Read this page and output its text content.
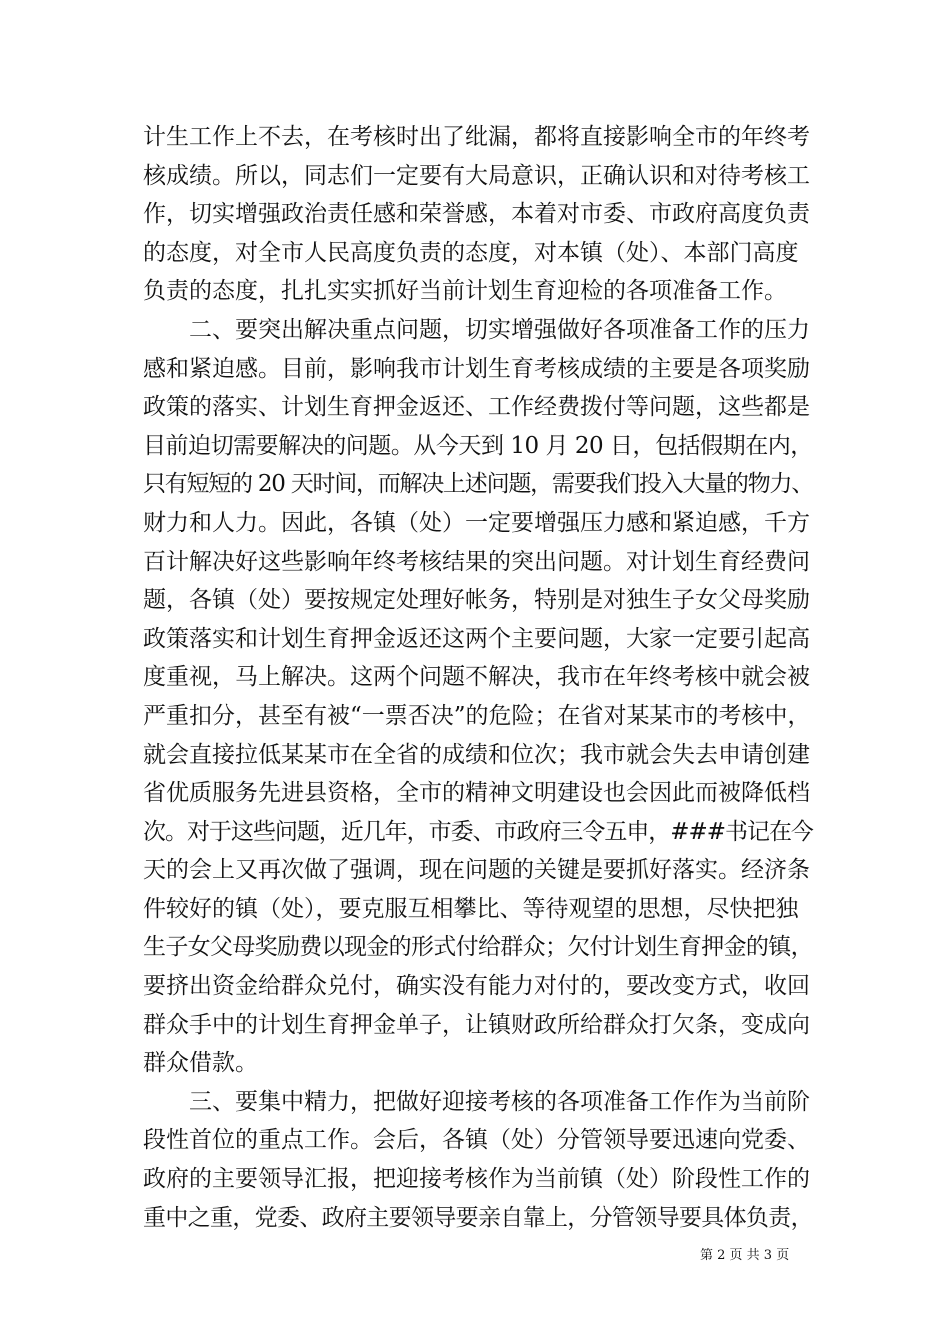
计生工作上不去，在考核时出了纰漏，都将直接影响全市的年终考
核成绩。所以，同志们一定要有大局意识，正确认识和对待考核工
作，切实增强政治责任感和荣誉感，本着对市委、市政府高度负责
的态度，对全市人民高度负责的态度，对本镇（处）、本部门高度
负责的态度，扎扎实实抓好当前计划生育迎检的各项准备工作。
二、要突出解决重点问题，切实增强做好各项准备工作的压力
感和紧迫感。目前，影响我市计划生育考核成绩的主要是各项奖励
政策的落实、计划生育押金返还、工作经费拨付等问题，这些都是
目前迫切需要解决的问题。从今天到 10 月 20 日，包括假期在内，
只有短短的 20 天时间，而解决上述问题，需要我们投入大量的物力、
财力和人力。因此，各镇（处）一定要增强压力感和紧迫感，千方
百计解决好这些影响年终考核结果的突出问题。对计划生育经费问
题，各镇（处）要按规定处理好帐务，特别是对独生子女父母奖励
政策落实和计划生育押金返还这两个主要问题，大家一定要引起高
度重视，马上解决。这两个问题不解决，我市在年终考核中就会被
严重扣分，甚至有被“一票否决”的危险；在省对某某市的考核中，
就会直接拉低某某市在全省的成绩和位次；我市就会失去申请创建
省优质服务先进县资格，全市的精神文明建设也会因此而被降低档
次。对于这些问题，近几年，市委、市政府三令五申，###书记在今
天的会上又再次做了强调，现在问题的关键是要抓好落实。经济条
件较好的镇（处），要克服互相攀比、等待观望的思想，尽快把独
生子女父母奖励费以现金的形式付给群众；欠付计划生育押金的镇，
要挤出资金给群众兑付，确实没有能力对付的，要改变方式，收回
群众手中的计划生育押金单子，让镇财政所给群众打欠条，变成向
群众借款。
三、要集中精力，把做好迎接考核的各项准备工作作为当前阶
段性首位的重点工作。会后，各镇（处）分管领导要迅速向党委、
政府的主要领导汇报，把迎接考核作为当前镇（处）阶段性工作的
重中之重，党委、政府主要领导要亲自靠上，分管领导要具体负责，
第 2 页 共 3 页
